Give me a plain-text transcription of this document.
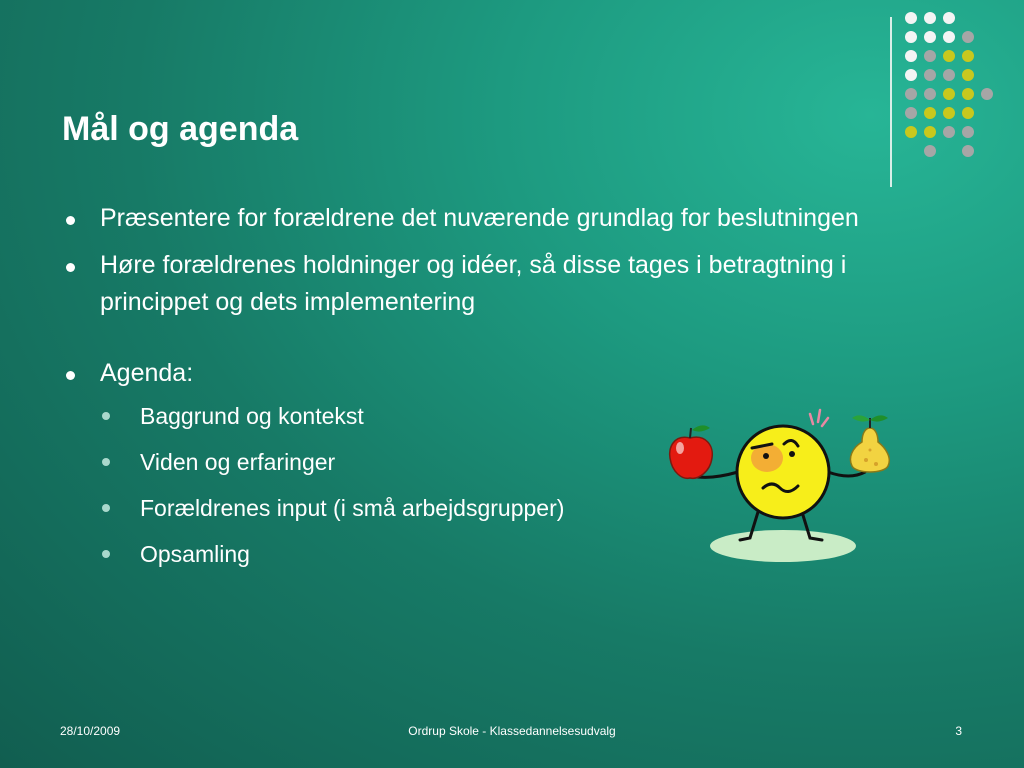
Mål og agenda
Præsentere for forældrene det nuværende grundlag for beslutningen
Høre forældrenes holdninger og idéer, så disse tages i betragtning i princippet og dets implementering
Agenda:
Baggrund og kontekst
Viden og erfaringer
Forældrenes input (i små arbejdsgrupper)
Opsamling
28/10/2009	Ordrup Skole - Klassedannelsesudvalg	3
